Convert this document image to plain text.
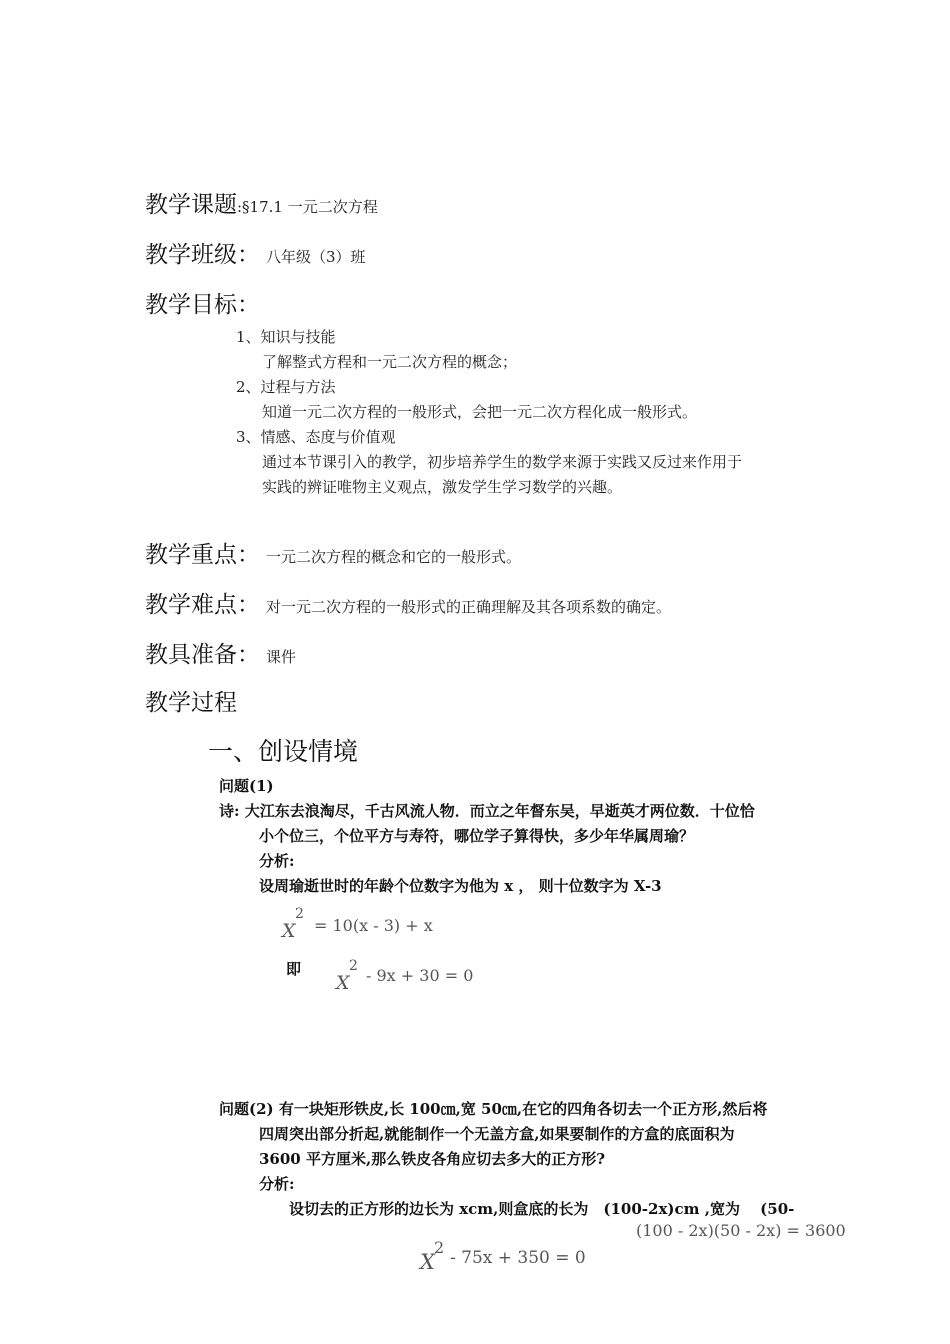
教学课题:§17.1 一元二次方程
教学班级： 八年级（3）班
教学目标：
1、知识与技能
了解整式方程和一元二次方程的概念；
2、过程与方法
知道一元二次方程的一般形式，会把一元二次方程化成一般形式。
3、情感、态度与价值观
通过本节课引入的教学，初步培养学生的数学来源于实践又反过来作用于
实践的辨证唯物主义观点，激发学生学习数学的兴趣。
教学重点： 一元二次方程的概念和它的一般形式。
教学难点： 对一元二次方程的一般形式的正确理解及其各项系数的确定。
教具准备： 课件
教学过程
一、创设情境
问题(1)
诗: 大江东去浪淘尽，千古风流人物．而立之年督东吴，早逝英才两位数．十位恰
小个位三，个位平方与寿符，哪位学子算得快，多少年华属周瑜？
分析:
设周瑜逝世时的年龄个位数字为他为 x ， 则十位数字为 X-3
X
2
= 10(x - 3) + x
即
X
2 - 9x + 30 = 0
问题(2) 有一块矩形铁皮,长 100㎝,宽 50㎝,在它的四角各切去一个正方形,然后将
四周突出部分折起,就能制作一个无盖方盒,如果要制作的方盒的底面积为
3600 平方厘米,那么铁皮各角应切去多大的正方形?
分析:
设切去的正方形的边长为 xcm,则盒底的长为　(100-2x)cm ,宽为　 (50-
(100 - 2x)(50 - 2x) = 3600
X
2
- 75x + 350 = 0
